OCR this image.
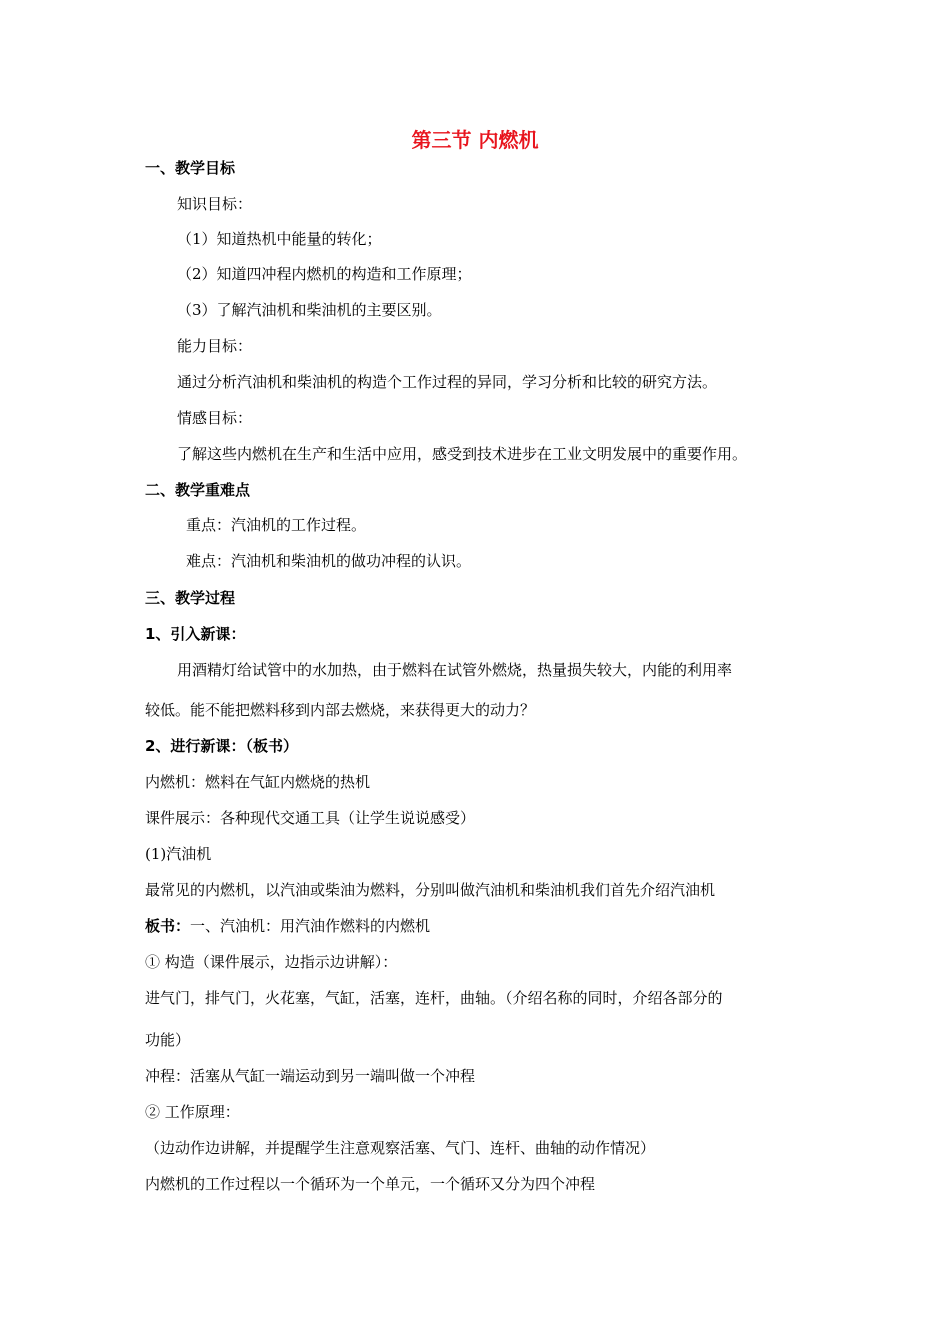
第三节 内燃机
一、教学目标
知识目标：
（1）知道热机中能量的转化；
（2）知道四冲程内燃机的构造和工作原理；
（3）了解汽油机和柴油机的主要区别。
能力目标：
通过分析汽油机和柴油机的构造个工作过程的异同，学习分析和比较的研究方法。
情感目标：
了解这些内燃机在生产和生活中应用，感受到技术进步在工业文明发展中的重要作用。
二、教学重难点
重点：汽油机的工作过程。
难点：汽油机和柴油机的做功冲程的认识。
三、教学过程
1、引入新课：
用酒精灯给试管中的水加热，由于燃料在试管外燃烧，热量损失较大，内能的利用率
较低。能不能把燃料移到内部去燃烧，来获得更大的动力？
2、进行新课：（板书）
内燃机：燃料在气缸内燃烧的热机
课件展示：各种现代交通工具（让学生说说感受）
(1)汽油机
最常见的内燃机，以汽油或柴油为燃料，分别叫做汽油机和柴油机我们首先介绍汽油机
板书：一、汽油机：用汽油作燃料的内燃机
① 构造（课件展示，边指示边讲解）：
进气门，排气门，火花塞，气缸，活塞，连杆，曲轴。（介绍名称的同时，介绍各部分的
功能）
冲程：活塞从气缸一端运动到另一端叫做一个冲程
② 工作原理：
（边动作边讲解，并提醒学生注意观察活塞、气门、连杆、曲轴的动作情况）
内燃机的工作过程以一个循环为一个单元，一个循环又分为四个冲程
